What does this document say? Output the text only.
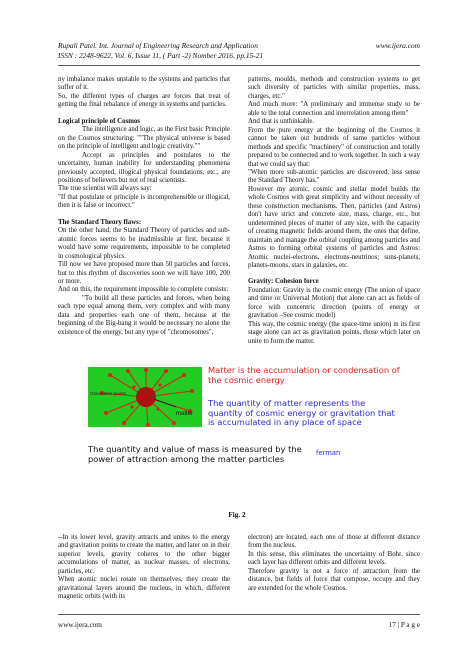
Rupali Patel. Int. Journal of Engineering Research and Application	www.ijera.com
ISSN : 2248-9622, Vol. 6, Issue 11, ( Part -2) Nomber 2016, pp.15-21

ny imbalance makes unstable to the systems and particles that suffer of it.

So, the different types of charges are forces that treat of getting the final rebalance of energy in systems and particles.

Logical principle of Cosmos

The intelligence and logic, as the First basic Principle on the Cosmos structuring: ""The physical universe is based on the principle of intelligent and logic creativity.""

Accept as principles and postulates to the uncertainty, human inability for understanding phenomena previously accepted, illogical physical foundations, etc., are positions of believers but not of real scientists.

The true scientist will always say:

"If that postulate or principle is incomprehensible or illogical, then it is false or incorrect."

The Standard Theory flaws:

On the other hand, the Standard Theory of particles and sub-atomic forces seems to be inadmissible at first, because it would have some requirements, impossible to be completed in cosmological physics.

Till now we have proposed more than 50 particles and forces, but to this rhythm of discoveries soon we will have 100, 200 or more.

And on this, the requirement impossible to complete consists:

"To build all these particles and forces, when being each type equal among them, very complex and with many data and properties each one of them, because at the beginning of the Big-bang it would be necessary no alone the existence of the energy, but any type of "chromosomes",

patterns, moulds, methods and construction systems to get such diversity of particles with similar properties, mass, charges, etc."

And much more: "A preliminary and immense study to be able to the total connection and interrelation among them"

And that is unthinkable.

From the pure energy at the beginning of the Cosmos it cannot be taken out hundreds of same particles without methods and specific "machinery" of construction and totally prepared to be connected and to work together. In such a way that we could say that:

"When more sub-atomic particles are discovered, less sense the Standard Theory has."

However my atomic, cosmic and stellar model builds the whole Cosmos with great simplicity and without necessity of these construction mechanisms. Then, particles (and Astros) don't have strict and concrete size, mass, charge, etc., but undetermined pieces of matter of any size, with the capacity of creating magnetic fields around them, the ones that define, maintain and manage the orbital coupling among particles and Astros to forming orbital systems of particles and Astros: Atomic nuclei-electrons, electrons-neutrinos; suns-planets, planets-moons, stars in galaxies, etc.

Gravity: Cohesion force

Foundation: Gravity is the cosmic energy (The union of space and time or Universal Motion) that alone can act as fields of force with concentric direction (points of energy or gravitation –See cosmic model)

This way, the cosmic energy (the space-time union) in its first stage alone can act as gravitation points, those which later on unite to form the matter.

Gravitation points
matter
Matter is the accumulation or condensation of the cosmic energy
The quantity of matter represents the quantity of cosmic energy or gravitation that is accumulated in any place of space
The quantity and value of mass is measured by the power of attraction among the matter particles
ferman
Fig. 2

--In its lower level, gravity attracts and unites to the energy and gravitation points to create the matter, and later on in their superior levels, gravity coheres to the other bigger accumulations of matter, as nuclear masses, of electrons, particles, etc.

When atomic nuclei rotate on themselves, they create the gravitational layers around the nucleus, in which, different magnetic orbits (with its

electron) are located, each one of those at different distance from the nucleus.

In this sense, this eliminates the uncertainty of Bohr, since each layer has different orbits and different levels.

Therefore gravity is not a force of attraction from the distance, but fields of force that compose, occupy and they are extended for the whole Cosmos.

www.ijera.com	17 | P a g e
